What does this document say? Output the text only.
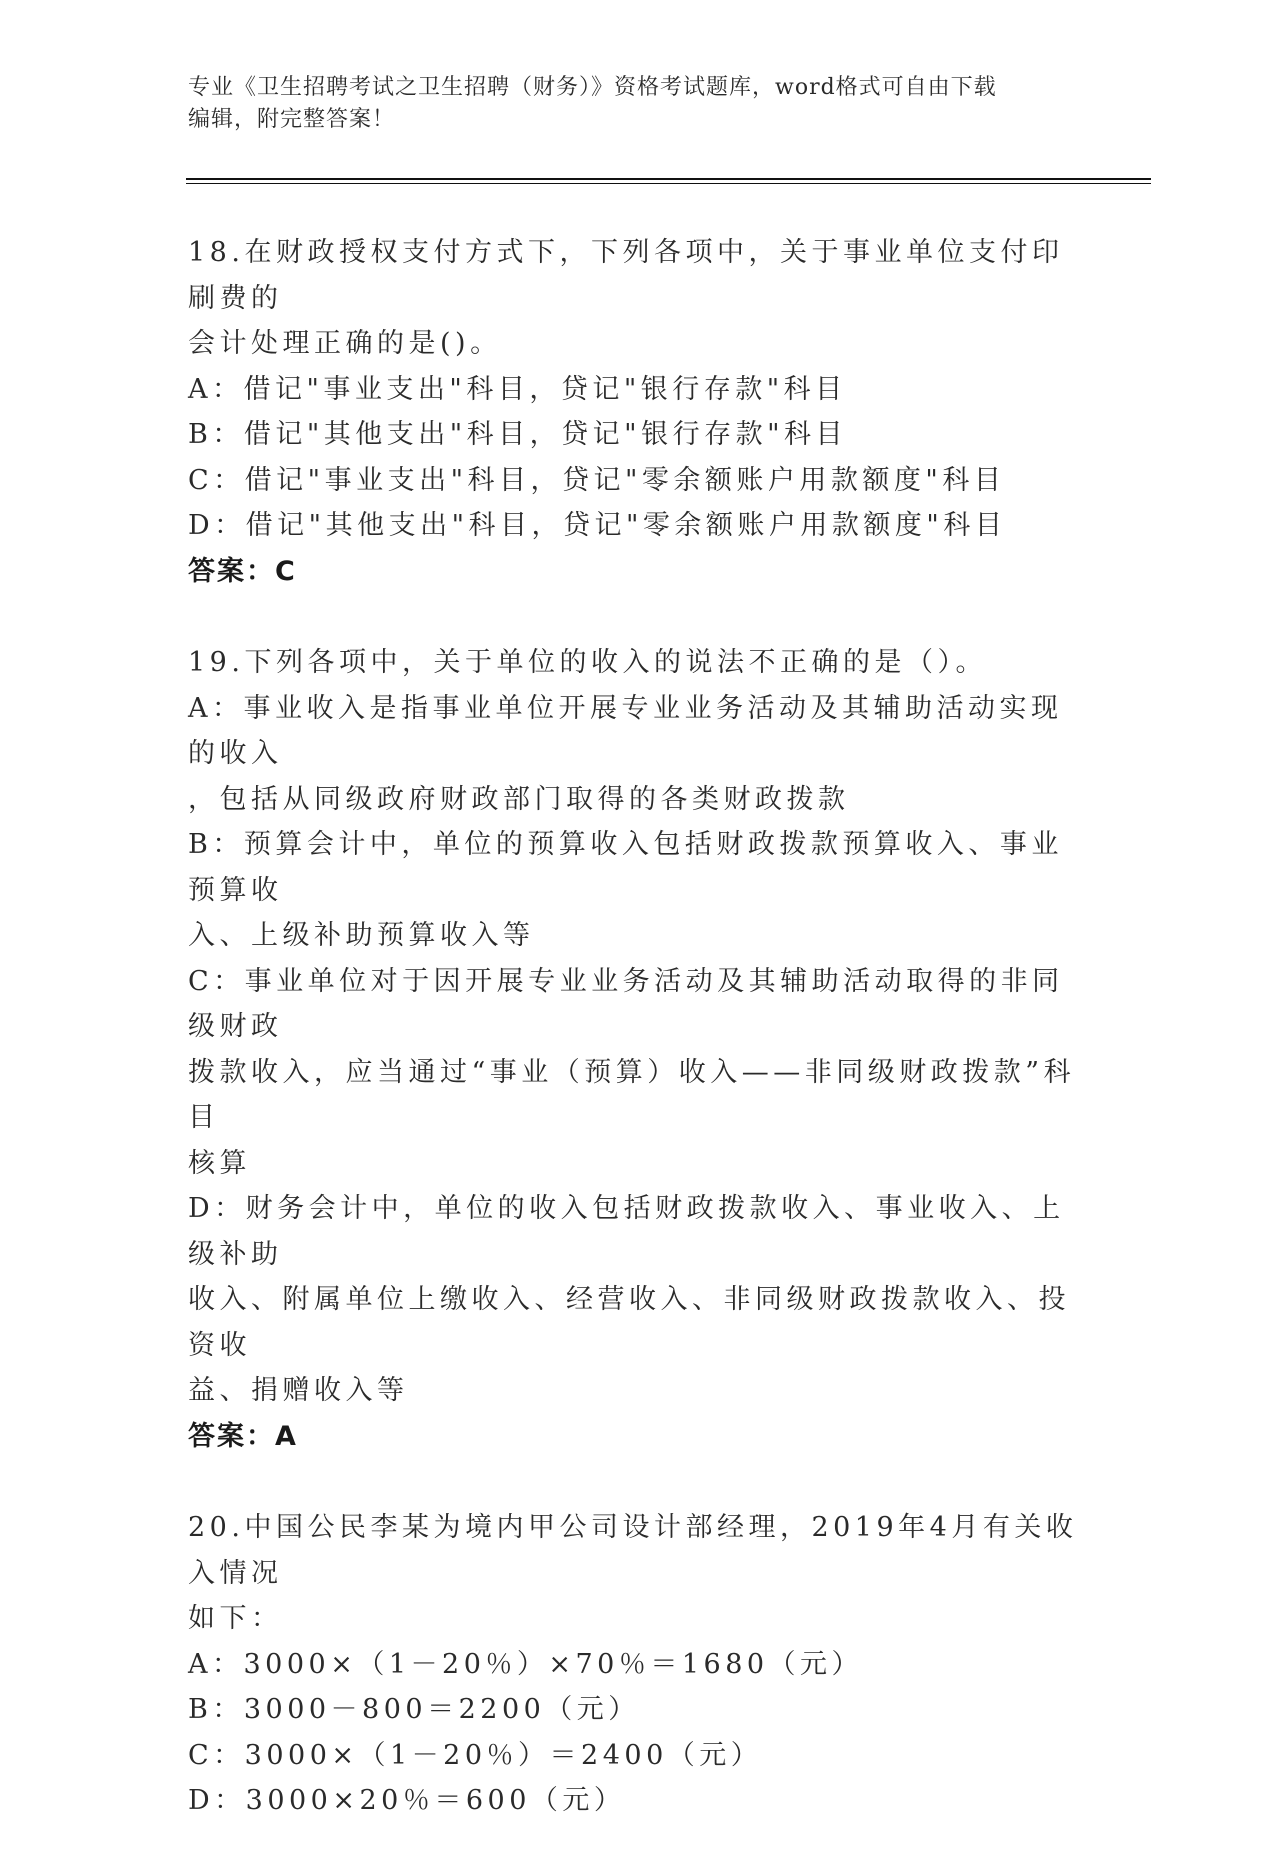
专业《卫生招聘考试之卫生招聘（财务）》资格考试题库，word格式可自由下载
编辑，附完整答案！

18.在财政授权支付方式下，下列各项中，关于事业单位支付印刷费的

会计处理正确的是()。

A：借记"事业支出"科目，贷记"银行存款"科目

B：借记"其他支出"科目，贷记"银行存款"科目

C：借记"事业支出"科目，贷记"零余额账户用款额度"科目

D：借记"其他支出"科目，贷记"零余额账户用款额度"科目

答案：C

19.下列各项中，关于单位的收入的说法不正确的是（）。

A：事业收入是指事业单位开展专业业务活动及其辅助活动实现的收入

，包括从同级政府财政部门取得的各类财政拨款

B：预算会计中，单位的预算收入包括财政拨款预算收入、事业预算收

入、上级补助预算收入等

C：事业单位对于因开展专业业务活动及其辅助活动取得的非同级财政

拨款收入，应当通过“事业（预算）收入——非同级财政拨款”科目

核算

D：财务会计中，单位的收入包括财政拨款收入、事业收入、上级补助

收入、附属单位上缴收入、经营收入、非同级财政拨款收入、投资收

益、捐赠收入等

答案：A

20.中国公民李某为境内甲公司设计部经理，2019年4月有关收入情况

如下：

A：3000×（1－20％）×70％＝1680（元）

B：3000－800＝2200（元）

C：3000×（1－20％）＝2400（元）

D：3000×20％＝600（元）
